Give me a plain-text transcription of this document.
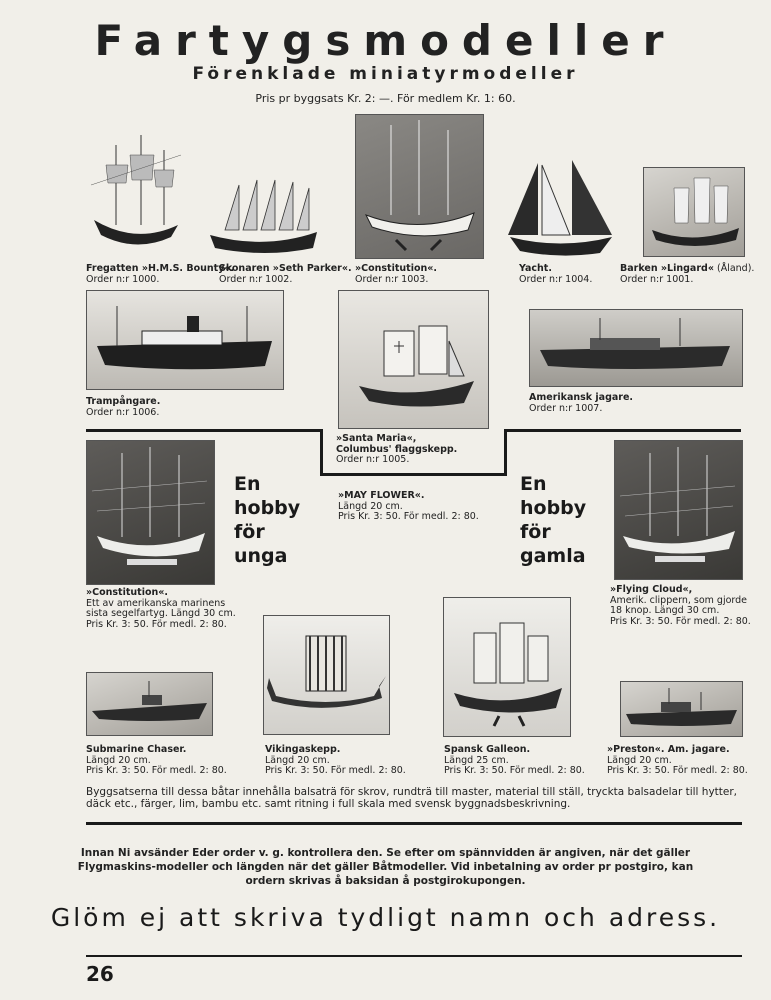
Fartygsmodeller
Förenklade miniatyrmodeller
Pris pr byggsats Kr. 2: —. För medlem Kr. 1: 60.
Fregatten »H.M.S. Bounty«.
Order n:r 1000.
Skonaren »Seth Parker«.
Order n:r 1002.
»Constitution«.
Order n:r 1003.
Yacht.
Order n:r 1004.
Barken »Lingard« (Åland).
Order n:r 1001.
Trampångare.
Order n:r 1006.
»Santa Maria«,
Columbus' flaggskepp.
Order n:r 1005.
Amerikansk jagare.
Order n:r 1007.
En
hobby
för
unga
En
hobby
för
gamla
»Constitution«.
Ett av amerikanska marinens
sista segelfartyg. Längd 30 cm.
Pris Kr. 3: 50. För medl. 2: 80.
»MAY FLOWER«.
Längd 20 cm.
Pris Kr. 3: 50. För medl. 2: 80.
»Flying Cloud«,
Amerik. clippern, som gjorde
18 knop. Längd 30 cm.
Pris Kr. 3: 50. För medl. 2: 80.
Submarine Chaser.
Längd 20 cm.
Pris Kr. 3: 50. För medl. 2: 80.
Vikingaskepp.
Längd 20 cm.
Pris Kr. 3: 50. För medl. 2: 80.
Spansk Galleon.
Längd 25 cm.
Pris Kr. 3: 50. För medl. 2: 80.
»Preston«. Am. jagare.
Längd 20 cm.
Pris Kr. 3: 50. För medl. 2: 80.
Byggsatserna till dessa båtar innehålla balsaträ för skrov, rundträ till master, material till ställ, tryckta balsadelar till hytter, däck etc., färger, lim, bambu etc. samt ritning i full skala med svensk byggnadsbeskrivning.
Innan Ni avsänder Eder order v. g. kontrollera den. Se efter om spännvidden är angiven, när det gäller Flygmaskins-modeller och längden när det gäller Båtmodeller. Vid inbetalning av order pr postgiro, kan ordern skrivas å baksidan å postgirokupongen.
Glöm ej att skriva tydligt namn och adress.
26
